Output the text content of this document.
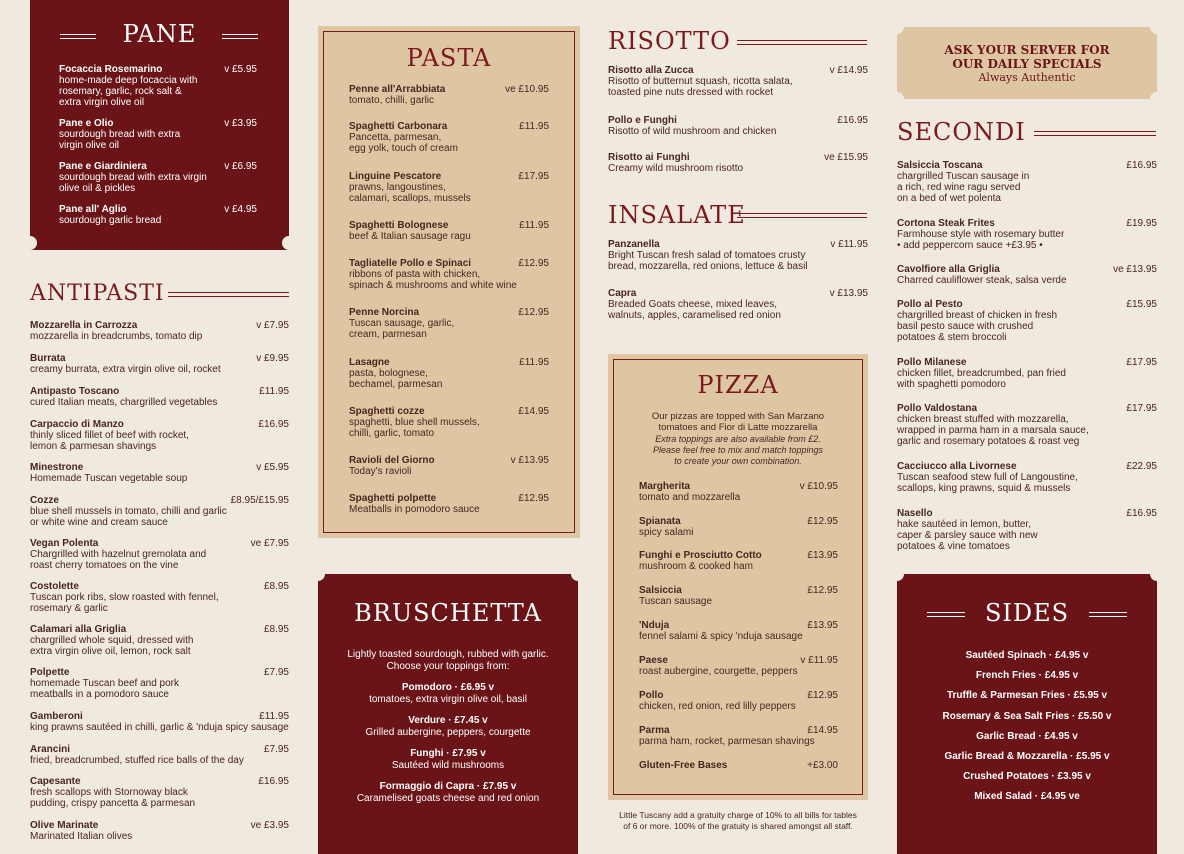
PANE
Focaccia Rosemarino
home-made deep focaccia with
rosemary, garlic, rock salt &
extra virgin olive oil
v £5.95
Pane e Olio
sourdough bread with extra
virgin olive oil
v £3.95
Pane e Giardiniera
sourdough bread with extra virgin
olive oil & pickles
v £6.95
Pane all' Aglio
sourdough garlic bread
v £4.95
ANTIPASTI
Mozzarella in Carrozza
mozzarella in breadcrumbs, tomato dip
v £7.95
Burrata
creamy burrata, extra virgin olive oil, rocket
v £9.95
Antipasto Toscano
cured Italian meats, chargrilled vegetables
£11.95
Carpaccio di Manzo
thinly sliced fillet of beef with rocket,
lemon & parmesan shavings
£16.95
Minestrone
Homemade Tuscan vegetable soup
v £5.95
Cozze
blue shell mussels in tomato, chilli and garlic
or white wine and cream sauce
£8.95/£15.95
Vegan Polenta
Chargrilled with hazelnut gremolata and
roast cherry tomatoes on the vine
ve £7.95
Costolette
Tuscan pork ribs, slow roasted with fennel,
rosemary & garlic
£8.95
Calamari alla Griglia
chargrilled whole squid, dressed with
extra virgin olive oil, lemon, rock salt
£8.95
Polpette
homemade Tuscan beef and pork
meatballs in a pomodoro sauce
£7.95
Gamberoni
king prawns sautéed in chilli, garlic & 'nduja spicy sausage
£11.95
Arancini
fried, breadcrumbed, stuffed rice balls of the day
£7.95
Capesante
fresh scallops with Stornoway black
pudding, crispy pancetta & parmesan
£16.95
Olive Marinate
Marinated Italian olives
ve £3.95
PASTA
Penne all'Arrabbiata
tomato, chilli, garlic
ve £10.95
Spaghetti Carbonara
Pancetta, parmesan,
egg yolk, touch of cream
£11.95
Linguine Pescatore
prawns, langoustines,
calamari, scallops, mussels
£17.95
Spaghetti Bolognese
beef & Italian sausage ragu
£11.95
Tagliatelle Pollo e Spinaci
ribbons of pasta with chicken,
spinach & mushrooms and white wine
£12.95
Penne Norcina
Tuscan sausage, garlic,
cream, parmesan
£12.95
Lasagne
pasta, bolognese,
bechamel, parmesan
£11.95
Spaghetti cozze
spaghetti, blue shell mussels,
chilli, garlic, tomato
£14.95
Ravioli del Giorno
Today's ravioli
v £13.95
Spaghetti polpette
Meatballs in pomodoro sauce
£12.95
BRUSCHETTA
Lightly toasted sourdough, rubbed with garlic.
Choose your toppings from:
Pomodoro · £6.95 v
tomatoes, extra virgin olive oil, basil
Verdure · £7.45 v
Grilled aubergine, peppers, courgette
Funghi · £7.95 v
Sautéed wild mushrooms
Formaggio di Capra · £7.95 v
Caramelised goats cheese and red onion
RISOTTO
Risotto alla Zucca
Risotto of butternut squash, ricotta salata,
toasted pine nuts dressed with rocket
v £14.95
Pollo e Funghi
Risotto of wild mushroom and chicken
£16.95
Risotto ai Funghi
Creamy wild mushroom risotto
ve £15.95
INSALATE
Panzanella
Bright Tuscan fresh salad of tomatoes crusty
bread, mozzarella, red onions, lettuce & basil
v £11.95
Capra
Breaded Goats cheese, mixed leaves,
walnuts, apples, caramelised red onion
v £13.95
PIZZA
Our pizzas are topped with San Marzano
tomatoes and Fior di Latte mozzarella
Extra toppings are also available from £2.
Please feel free to mix and match toppings
to create your own combination.
Margherita
tomato and mozzarella
v £10.95
Spianata
spicy salami
£12.95
Funghi e Prosciutto Cotto
mushroom & cooked ham
£13.95
Salsiccia
Tuscan sausage
£12.95
'Nduja
fennel salami & spicy 'nduja sausage
£13.95
Paese
roast aubergine, courgette, peppers
v £11.95
Pollo
chicken, red onion, red lilly peppers
£12.95
Parma
parma ham, rocket, parmesan shavings
£14.95
Gluten-Free Bases	+£3.00
Little Tuscany add a gratuity charge of 10% to all bills for tables
of 6 or more. 100% of the gratuity is shared amongst all staff.
ASK YOUR SERVER FOR
OUR DAILY SPECIALS
Always Authentic
SECONDI
Salsiccia Toscana
chargrilled Tuscan sausage in
a rich, red wine ragu served
on a bed of wet polenta
£16.95
Cortona Steak Frites
Farmhouse style with rosemary butter
• add peppercorn sauce +£3.95 •
£19.95
Cavolfiore alla Griglia
Charred cauliflower steak, salsa verde
ve £13.95
Pollo al Pesto
chargrilled breast of chicken in fresh
basil pesto sauce with crushed
potatoes & stem broccoli
£15.95
Pollo Milanese
chicken fillet, breadcrumbed, pan fried
with spaghetti pomodoro
£17.95
Pollo Valdostana
chicken breast stuffed with mozzarella,
wrapped in parma ham in a marsala sauce,
garlic and rosemary potatoes & roast veg
£17.95
Cacciucco alla Livornese
Tuscan seafood stew full of Langoustine,
scallops, king prawns, squid & mussels
£22.95
Nasello
hake sautéed in lemon, butter,
caper & parsley sauce with new
potatoes & vine tomatoes
£16.95
SIDES
Sautéed Spinach · £4.95 v
French Fries · £4.95 v
Truffle & Parmesan Fries · £5.95 v
Rosemary & Sea Salt Fries · £5.50 v
Garlic Bread · £4.95 v
Garlic Bread & Mozzarella · £5.95 v
Crushed Potatoes · £3.95 v
Mixed Salad · £4.95 ve
